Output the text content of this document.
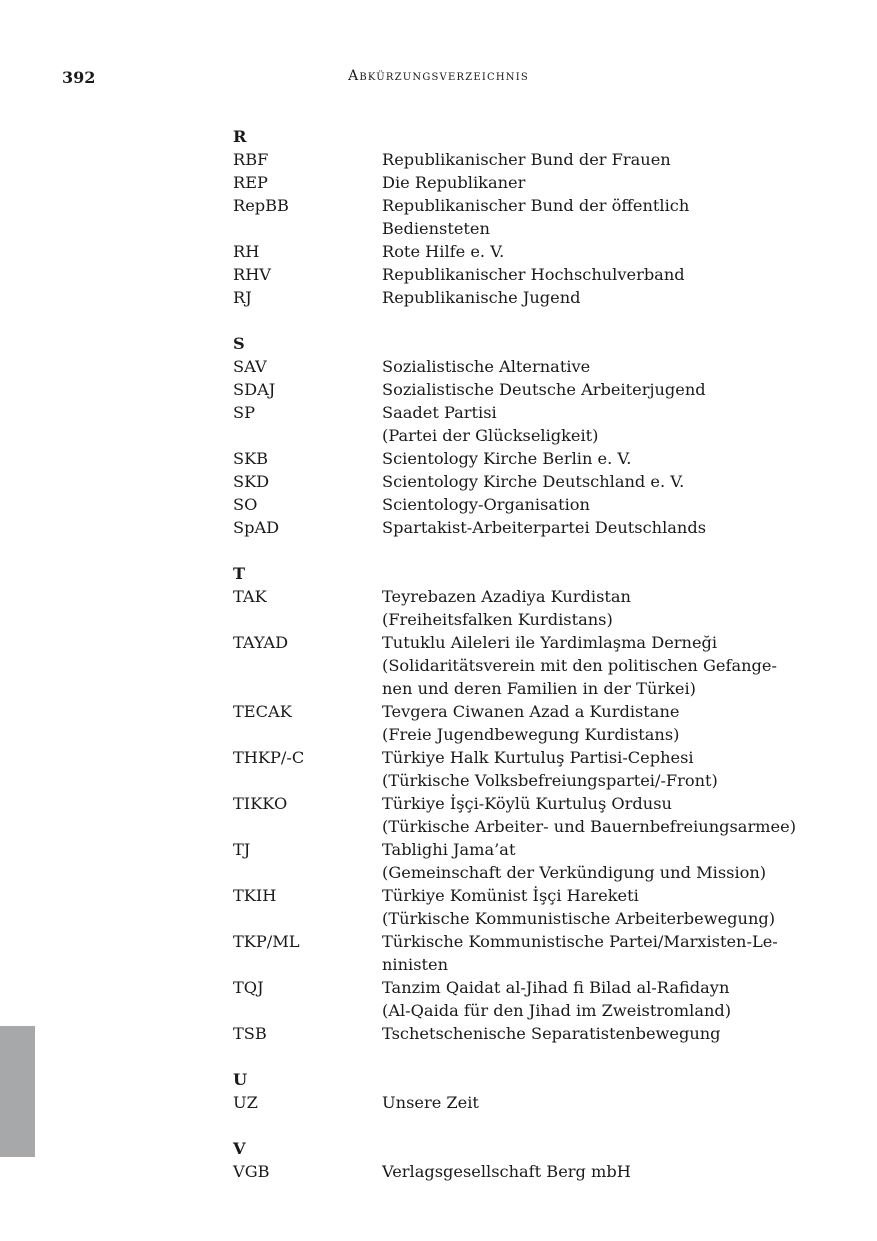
392	Abkürzungsverzeichnis
R
RBF	Republikanischer Bund der Frauen
REP	Die Republikaner
RepBB	Republikanischer Bund der öffentlich
Bediensteten
RH	Rote Hilfe e. V.
RHV	Republikanischer Hochschulverband
RJ	Republikanische Jugend
S
SAV	Sozialistische Alternative
SDAJ	Sozialistische Deutsche Arbeiterjugend
SP	Saadet Partisi
(Partei der Glückseligkeit)
SKB	Scientology Kirche Berlin e. V.
SKD	Scientology Kirche Deutschland e. V.
SO	Scientology-Organisation
SpAD	Spartakist-Arbeiterpartei Deutschlands
T
TAK	Teyrebazen Azadiya Kurdistan
(Freiheitsfalken Kurdistans)
TAYAD	Tutuklu Aileleri ile Yardimlaşma Derneği
(Solidaritätsverein mit den politischen Gefange-
nen und deren Familien in der Türkei)
TECAK	Tevgera Ciwanen Azad a Kurdistane
(Freie Jugendbewegung Kurdistans)
THKP/-C	Türkiye Halk Kurtuluş Partisi-Cephesi
(Türkische Volksbefreiungspartei/-Front)
TIKKO	Türkiye İşçi-Köylü Kurtuluş Ordusu
(Türkische Arbeiter- und Bauernbefreiungsarmee)
TJ	Tablighi Jama’at
(Gemeinschaft der Verkündigung und Mission)
TKIH	Türkiye Komünist İşçi Hareketi
(Türkische Kommunistische Arbeiterbewegung)
TKP/ML	Türkische Kommunistische Partei/Marxisten-Le-
ninisten
TQJ	Tanzim Qaidat al-Jihad fi Bilad al-Rafidayn
(Al-Qaida für den Jihad im Zweistromland)
TSB	Tschetschenische Separatistenbewegung
U
UZ	Unsere Zeit
V
VGB	Verlagsgesellschaft Berg mbH
